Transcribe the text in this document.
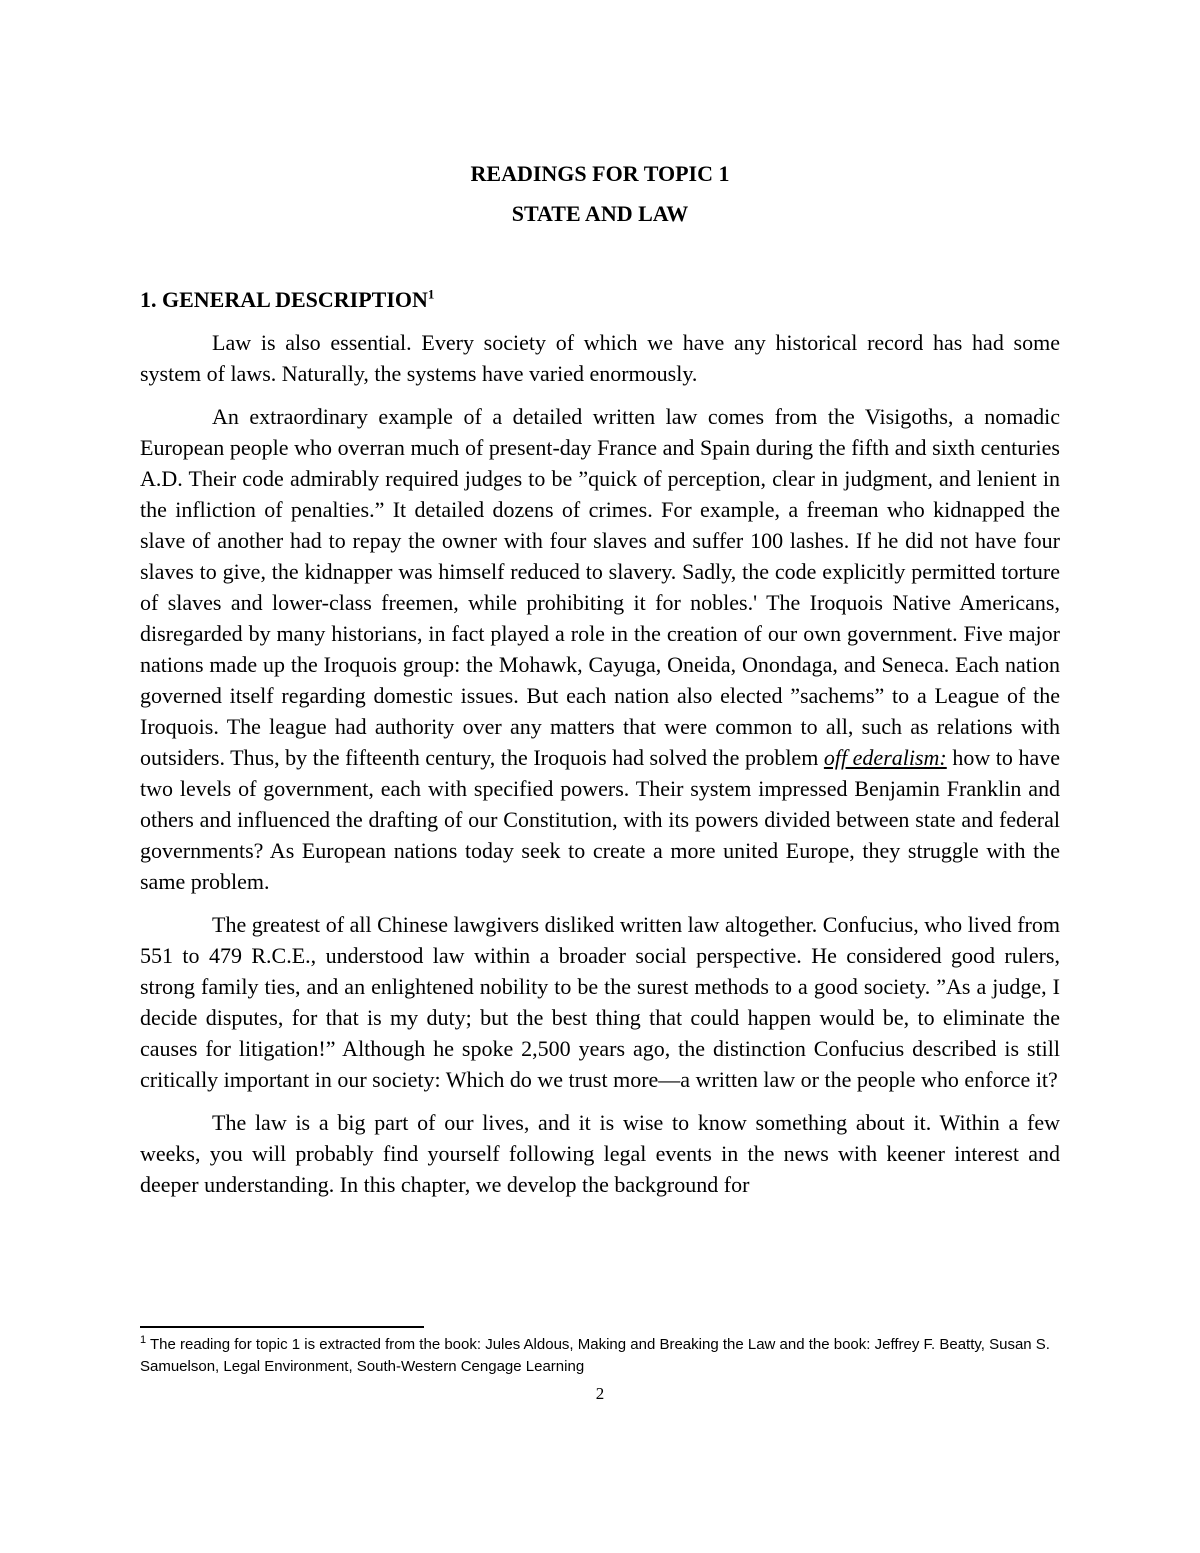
READINGS FOR TOPIC 1
STATE AND LAW
1. GENERAL DESCRIPTION$^1$

Law is also essential. Every society of which we have any historical record has had some system of laws. Naturally, the systems have varied enormously.

An extraordinary example of a detailed written law comes from the Visigoths, a nomadic European people who overran much of present-day France and Spain during the fifth and sixth centuries A.D. Their code admirably required judges to be ”quick of perception, clear in judgment, and lenient in the infliction of penalties.” It detailed dozens of crimes. For example, a freeman who kidnapped the slave of another had to repay the owner with four slaves and suffer 100 lashes. If he did not have four slaves to give, the kidnapper was himself reduced to slavery. Sadly, the code explicitly permitted torture of slaves and lower-class freemen, while prohibiting it for nobles.' The Iroquois Native Americans, disregarded by many historians, in fact played a role in the creation of our own government. Five major nations made up the Iroquois group: the Mohawk, Cayuga, Oneida, Onondaga, and Seneca. Each nation governed itself regarding domestic issues. But each nation also elected ”sachems” to a League of the Iroquois. The league had authority over any matters that were common to all, such as relations with outsiders. Thus, by the fifteenth century, the Iroquois had solved the problem off ederalism: how to have two levels of government, each with specified powers. Their system impressed Benjamin Franklin and others and influenced the drafting of our Constitution, with its powers divided between state and federal governments? As European nations today seek to create a more united Europe, they struggle with the same problem.

The greatest of all Chinese lawgivers disliked written law altogether. Confucius, who lived from 551 to 479 R.C.E., understood law within a broader social perspective. He considered good rulers, strong family ties, and an enlightened nobility to be the surest methods to a good society. ”As a judge, I decide disputes, for that is my duty; but the best thing that could happen would be, to eliminate the causes for litigation!” Although he spoke 2,500 years ago, the distinction Confucius described is still critically important in our society: Which do we trust more—a written law or the people who enforce it?

The law is a big part of our lives, and it is wise to know something about it. Within a few weeks, you will probably find yourself following legal events in the news with keener interest and deeper understanding. In this chapter, we develop the background for

$^1$ The reading for topic 1 is extracted from the book: Jules Aldous, Making and Breaking the Law and the book: Jeffrey F. Beatty, Susan S. Samuelson, Legal Environment, South-Western Cengage Learning
2
